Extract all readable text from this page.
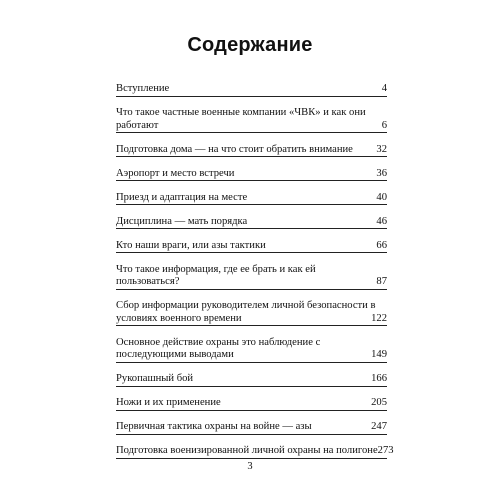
Содержание
Вступление	4
Что такое частные военные компании «ЧВК» и как они
работают	6
Подготовка дома — на что стоит обратить внимание 32
Аэропорт и место встречи	36
Приезд и адаптация на месте	40
Дисциплина — мать порядка	46
Кто наши враги, или азы тактики	66
Что такое информация, где ее брать и как ей
пользоваться?	87
Сбор информации руководителем личной безопасности в
условиях военного времени	122
Основное действие охраны это наблюдение с
последующими выводами	149
Рукопашный бой	166
Ножи и их применение	205
Первичная тактика охраны на войне — азы	247
Подготовка военизированной личной охраны на полигоне 273
3
